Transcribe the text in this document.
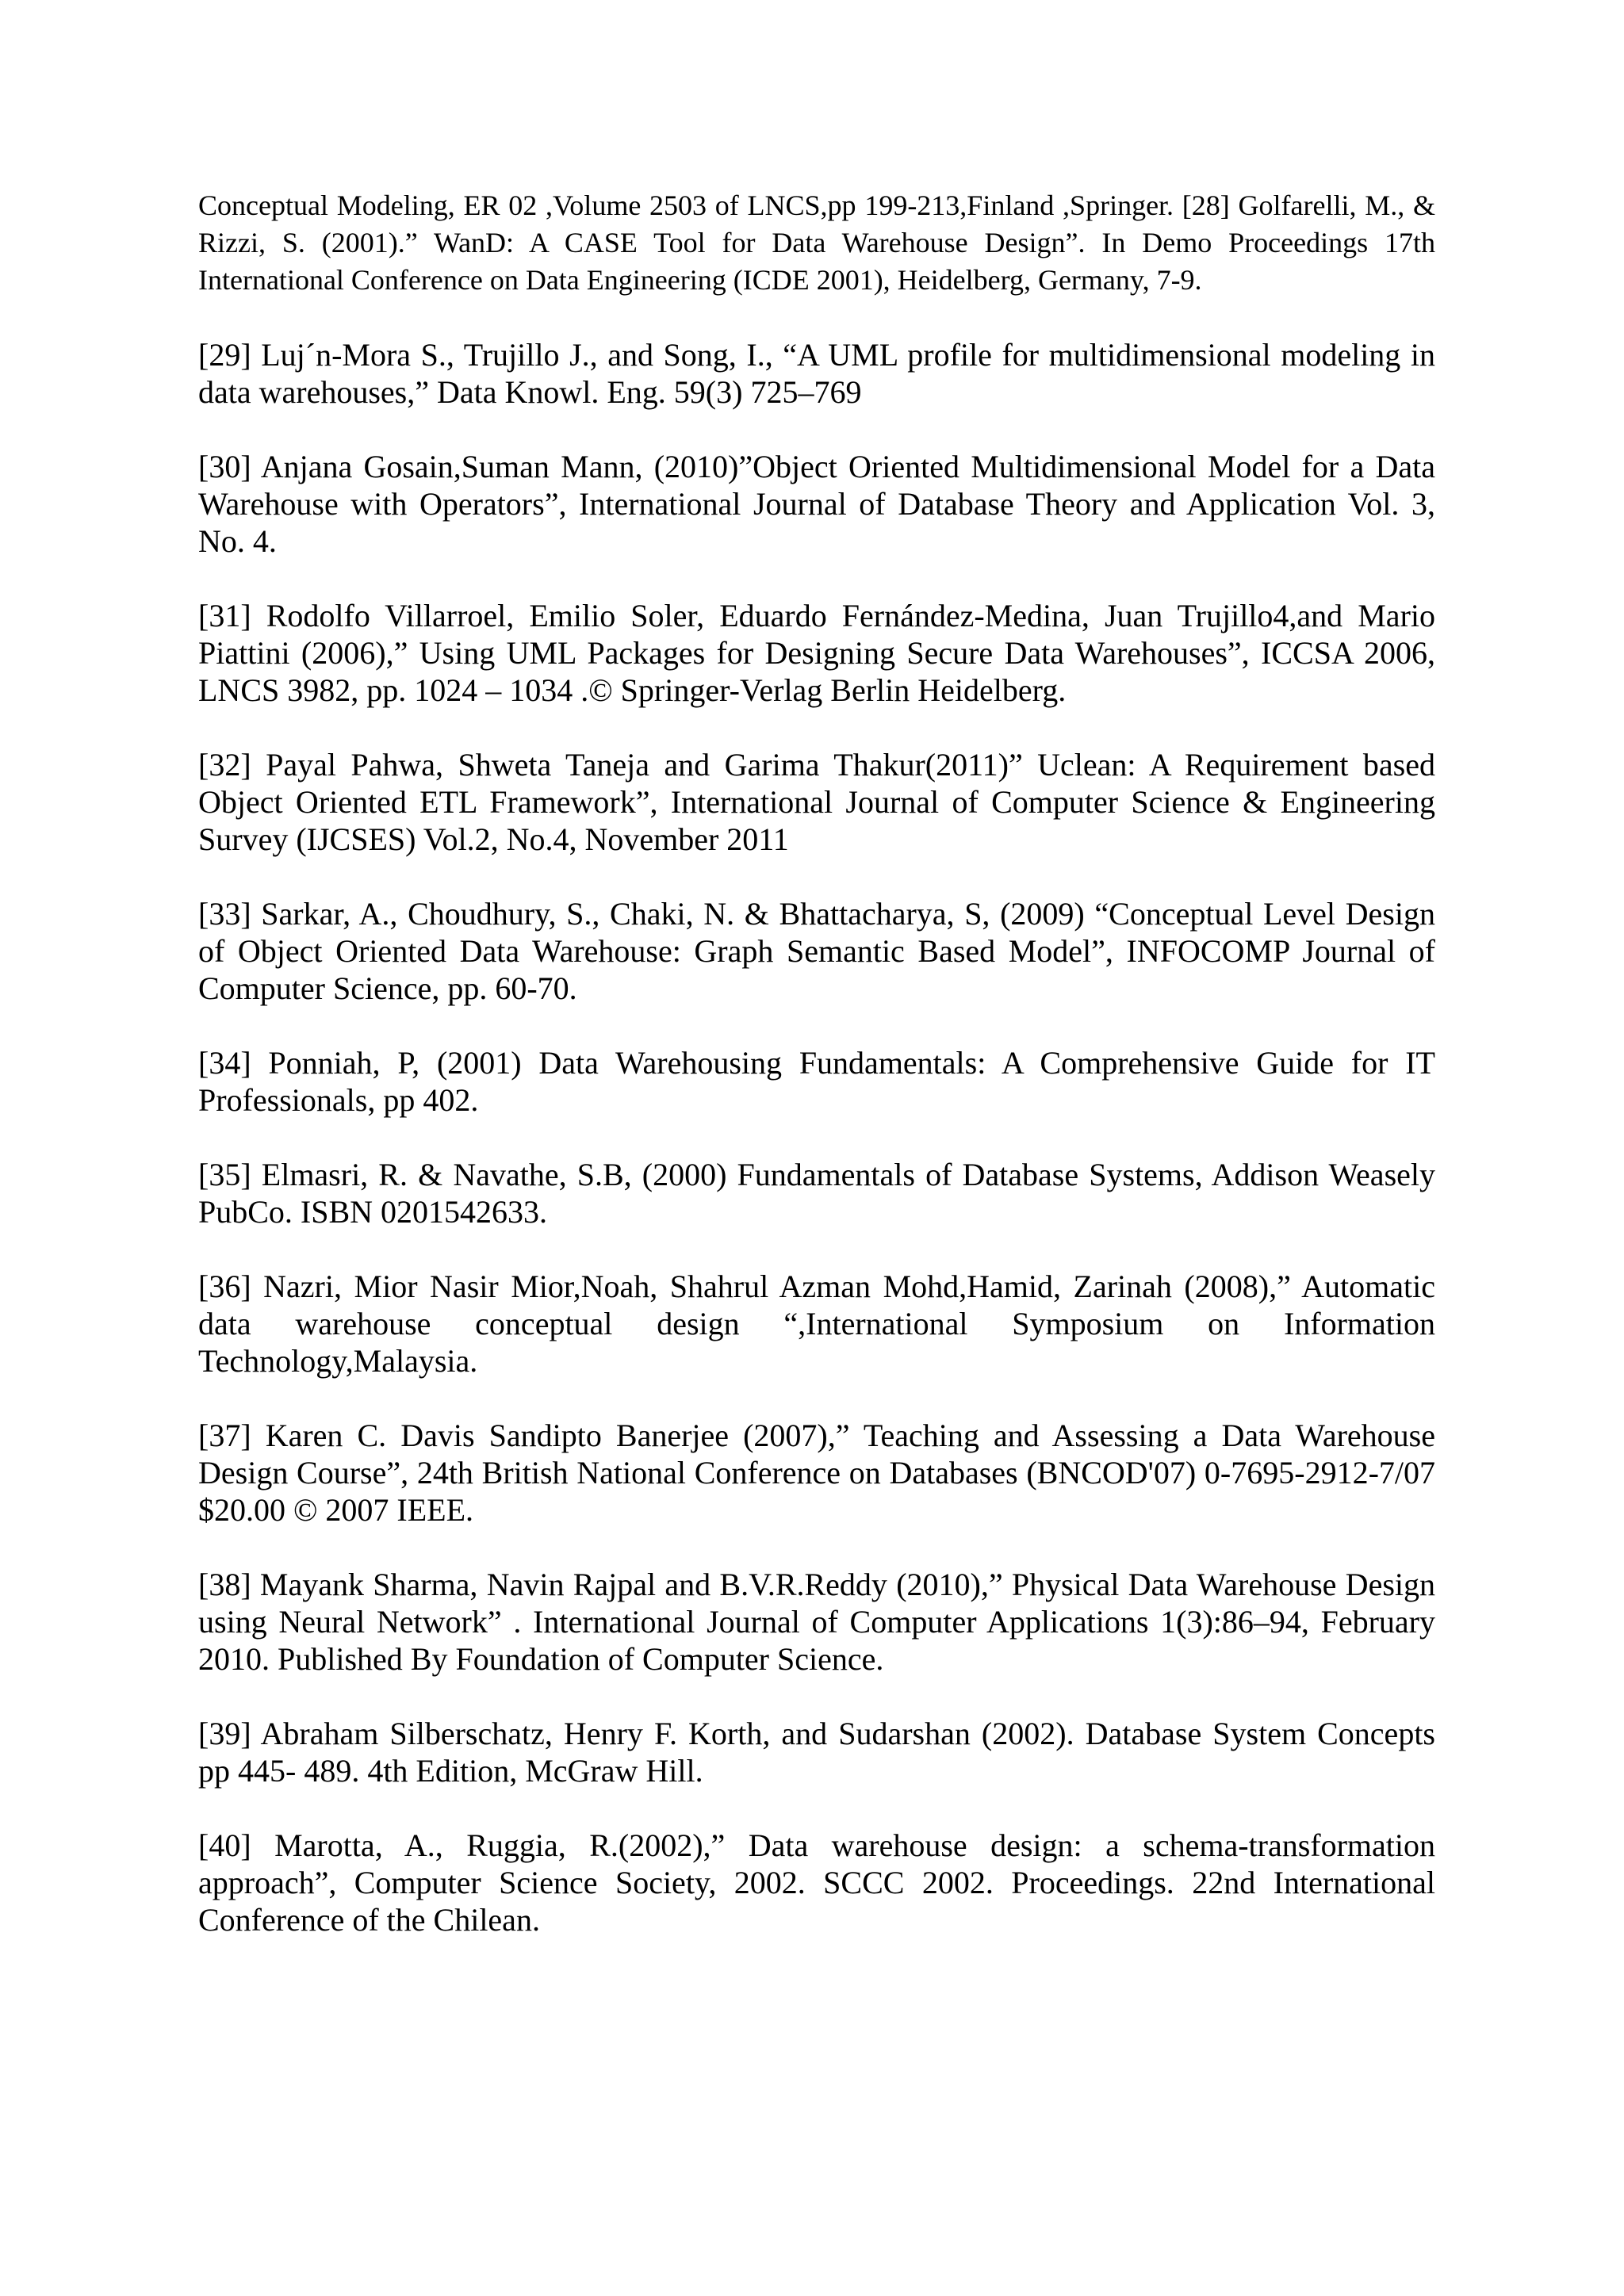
Conceptual Modeling, ER 02 ,Volume 2503 of LNCS,pp 199-213,Finland ,Springer. [28] Golfarelli, M., & Rizzi, S. (2001).” WanD: A CASE Tool for Data Warehouse Design”. In Demo Proceedings 17th International Conference on Data Engineering (ICDE 2001), Heidelberg, Germany, 7-9.

[29] Luj´n-Mora S., Trujillo J., and Song, I., “A UML profile for multidimensional modeling in data warehouses,” Data Knowl. Eng. 59(3) 725–769

[30] Anjana Gosain,Suman Mann, (2010)”Object Oriented Multidimensional Model for a Data Warehouse with Operators”, International Journal of Database Theory and Application Vol. 3, No. 4.

[31] Rodolfo Villarroel, Emilio Soler, Eduardo Fernández-Medina, Juan Trujillo4,and Mario Piattini (2006),” Using UML Packages for Designing Secure Data Warehouses”, ICCSA 2006, LNCS 3982, pp. 1024 – 1034 .© Springer-Verlag Berlin Heidelberg.

[32] Payal Pahwa, Shweta Taneja and Garima Thakur(2011)” Uclean: A Requirement based Object Oriented ETL Framework”, International Journal of Computer Science & Engineering Survey (IJCSES) Vol.2, No.4, November 2011

[33] Sarkar, A., Choudhury, S., Chaki, N. & Bhattacharya, S, (2009) “Conceptual Level Design of Object Oriented Data Warehouse: Graph Semantic Based Model”, INFOCOMP Journal of Computer Science, pp. 60-70.

[34] Ponniah, P, (2001) Data Warehousing Fundamentals: A Comprehensive Guide for IT Professionals, pp 402.

[35] Elmasri, R. & Navathe, S.B, (2000) Fundamentals of Database Systems, Addison Weasely PubCo. ISBN 0201542633.

[36] Nazri, Mior Nasir Mior,Noah, Shahrul Azman Mohd,Hamid, Zarinah (2008),” Automatic data warehouse conceptual design “,International Symposium on Information Technology,Malaysia.

[37] Karen C. Davis Sandipto Banerjee (2007),” Teaching and Assessing a Data Warehouse Design Course”, 24th British National Conference on Databases (BNCOD'07) 0-7695-2912-7/07 $20.00 © 2007 IEEE.

[38] Mayank Sharma, Navin Rajpal and B.V.R.Reddy (2010),” Physical Data Warehouse Design using Neural Network” . International Journal of Computer Applications 1(3):86–94, February 2010. Published By Foundation of Computer Science.

[39] Abraham Silberschatz, Henry F. Korth, and Sudarshan (2002). Database System Concepts pp 445- 489. 4th Edition, McGraw Hill.

[40] Marotta, A., Ruggia, R.(2002),” Data warehouse design: a schema-transformation approach”, Computer Science Society, 2002. SCCC 2002. Proceedings. 22nd International Conference of the Chilean.
